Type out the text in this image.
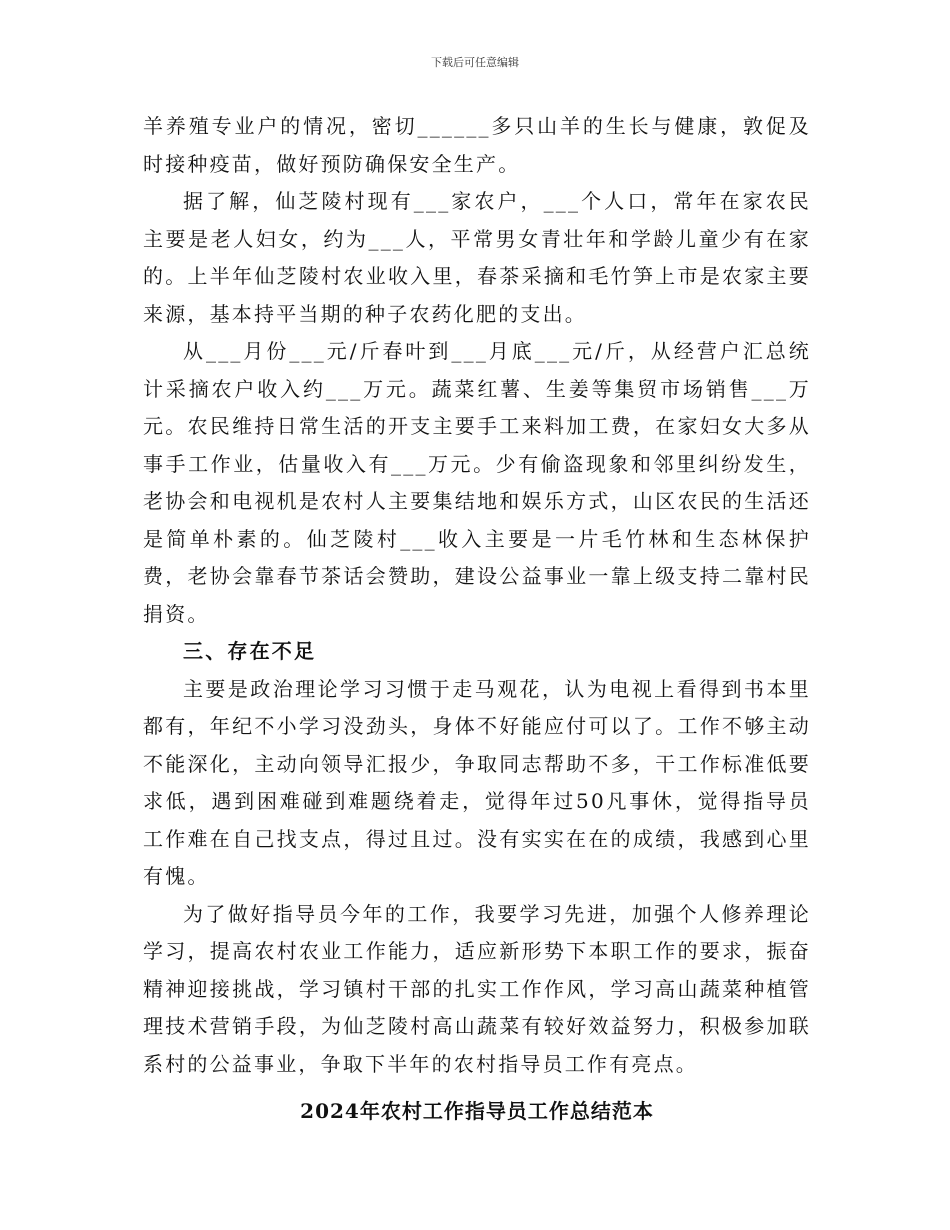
下载后可任意编辑

羊养殖专业户的情况，密切______多只山羊的生长与健康，敦促及时接种疫苗，做好预防确保安全生产。

据了解，仙芝陵村现有___家农户，___个人口，常年在家农民主要是老人妇女，约为___人，平常男女青壮年和学龄儿童少有在家的。上半年仙芝陵村农业收入里，春茶采摘和毛竹笋上市是农家主要来源，基本持平当期的种子农药化肥的支出。

从___月份___元/斤春叶到___月底___元/斤，从经营户汇总统计采摘农户收入约___万元。蔬菜红薯、生姜等集贸市场销售___万元。农民维持日常生活的开支主要手工来料加工费，在家妇女大多从事手工作业，估量收入有___万元。少有偷盗现象和邻里纠纷发生，老协会和电视机是农村人主要集结地和娱乐方式，山区农民的生活还是简单朴素的。仙芝陵村___收入主要是一片毛竹林和生态林保护费，老协会靠春节茶话会赞助，建设公益事业一靠上级支持二靠村民捐资。

三、存在不足

主要是政治理论学习习惯于走马观花，认为电视上看得到书本里都有，年纪不小学习没劲头，身体不好能应付可以了。工作不够主动不能深化，主动向领导汇报少，争取同志帮助不多，干工作标准低要求低，遇到困难碰到难题绕着走，觉得年过50凡事休，觉得指导员工作难在自己找支点，得过且过。没有实实在在的成绩，我感到心里有愧。

为了做好指导员今年的工作，我要学习先进，加强个人修养理论学习，提高农村农业工作能力，适应新形势下本职工作的要求，振奋精神迎接挑战，学习镇村干部的扎实工作作风，学习高山蔬菜种植管理技术营销手段，为仙芝陵村高山蔬菜有较好效益努力，积极参加联系村的公益事业，争取下半年的农村指导员工作有亮点。

2024年农村工作指导员工作总结范本
